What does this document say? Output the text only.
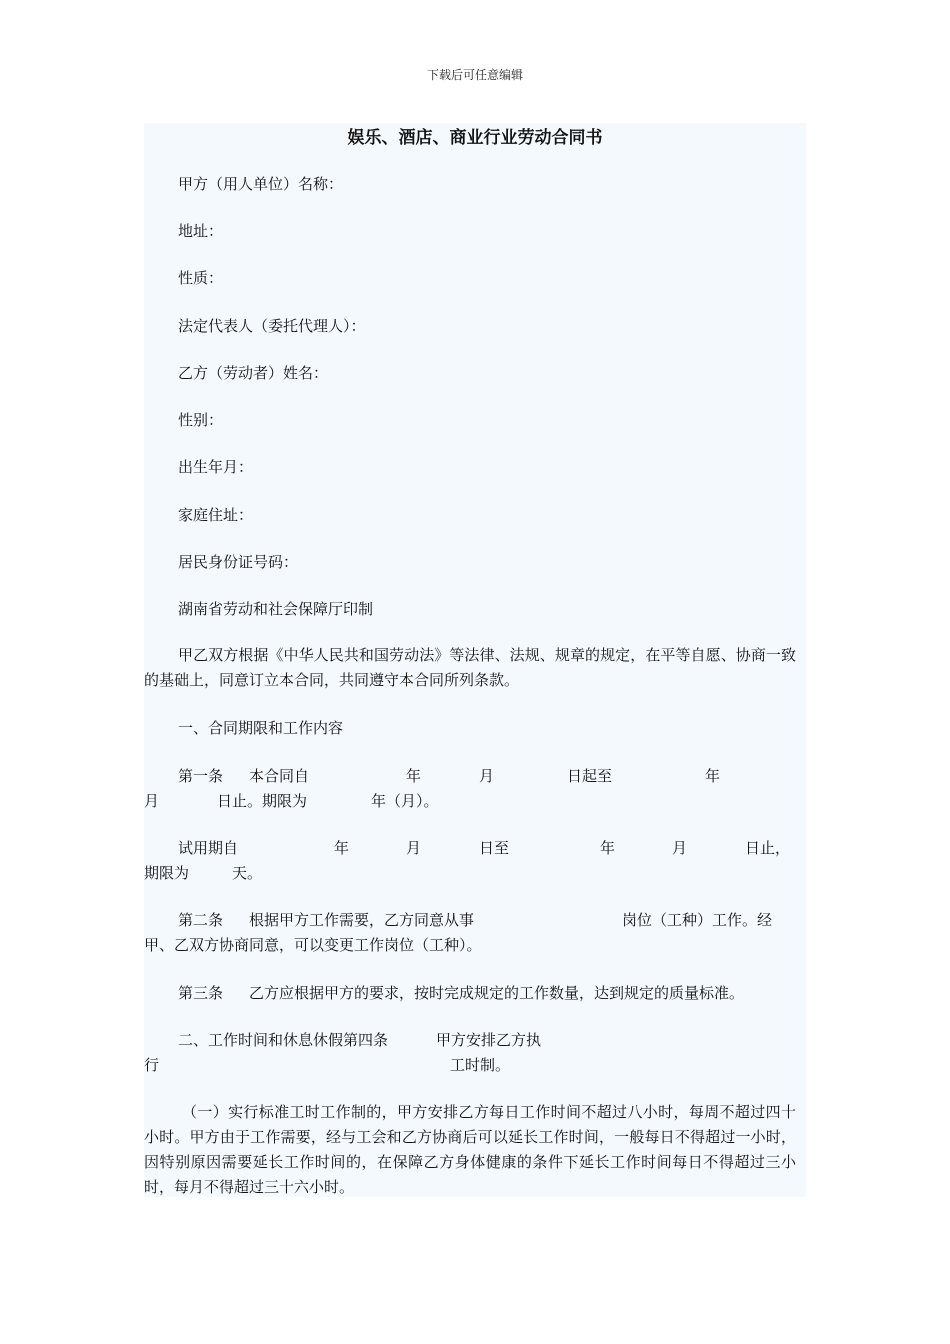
下载后可任意编辑
娱乐、酒店、商业行业劳动合同书
甲方（用人单位）名称：
地址：
性质：
法定代表人（委托代理人）：
乙方（劳动者）姓名：
性别：
出生年月：
家庭住址：
居民身份证号码：
湖南省劳动和社会保障厅印制
甲乙双方根据《中华人民共和国劳动法》等法律、法规、规章的规定，在平等自愿、协商一致的基础上，同意订立本合同，共同遵守本合同所列条款。
一、合同期限和工作内容
第一条 本合同自	年	月	日起至	年
月	日止。期限为	年（月）。
试用期自	年	月	日至	年	月	日止，
期限为	天。
第二条 根据甲方工作需要，乙方同意从事	岗位（工种）工作。经
甲、乙双方协商同意，可以变更工作岗位（工种）。
第三条 乙方应根据甲方的要求，按时完成规定的工作数量，达到规定的质量标准。
二、工作时间和休息休假第四条	甲方安排乙方执
行	工时制。
（一）实行标准工时工作制的，甲方安排乙方每日工作时间不超过八小时，每周不超过四十小时。甲方由于工作需要，经与工会和乙方协商后可以延长工作时间，一般每日不得超过一小时，因特别原因需要延长工作时间的，在保障乙方身体健康的条件下延长工作时间每日不得超过三小时，每月不得超过三十六小时。
